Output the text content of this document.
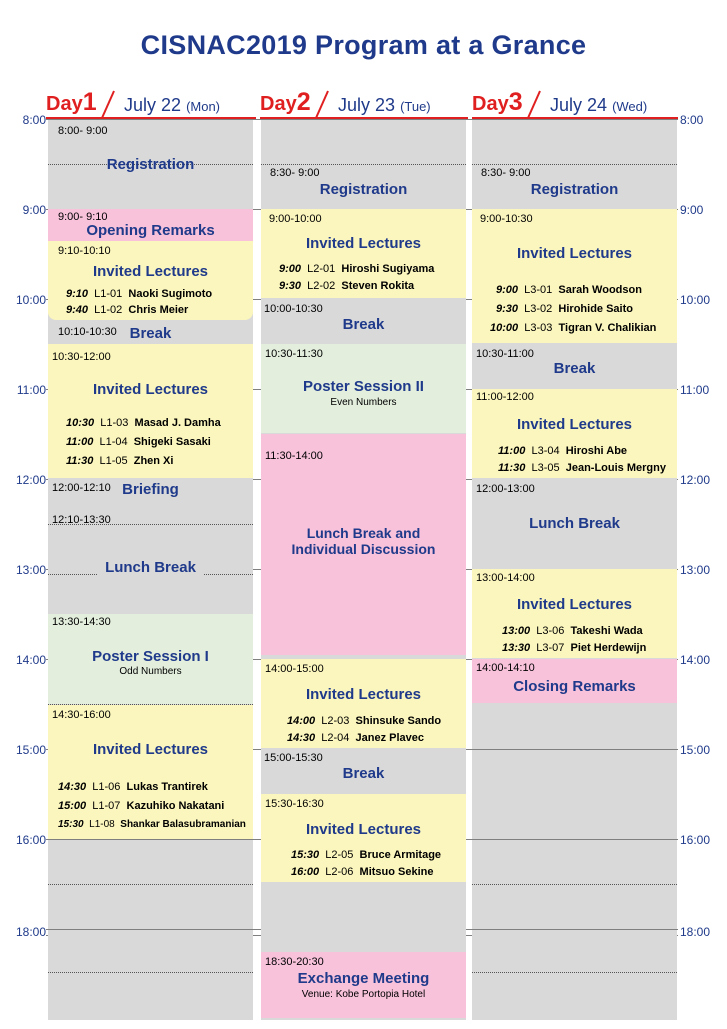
CISNAC2019 Program at a Grance
Day1 July 22 (Mon) Day2 July 23 (Tue) Day3 July 24 (Wed)
8:00
9:00
10:00
11:00
12:00
13:00
14:00
15:00
16:00
18:00
8:00
9:00
10:00
11:00
12:00
13:00
14:00
15:00
16:00
18:00
8:00- 9:00
Registration
9:00- 9:10
Opening Remarks
9:10-10:10
Invited Lectures
9:10 L1-01 Naoki Sugimoto
9:40 L1-02 Chris Meier
10:10-10:30 Break
10:30-12:00
Invited Lectures
10:30 L1-03 Masad J. Damha
11:00 L1-04 Shigeki Sasaki
11:30 L1-05 Zhen Xi
12:00-12:10 Briefing
12:10-13:30
Lunch Break
13:30-14:30
Poster Session I
Odd Numbers
14:30-16:00
Invited Lectures
14:30 L1-06 Lukas Trantirek
15:00 L1-07 Kazuhiko Nakatani
15:30 L1-08 Shankar Balasubramanian
8:30- 9:00
Registration
9:00-10:00
Invited Lectures
9:00 L2-01 Hiroshi Sugiyama
9:30 L2-02 Steven Rokita
10:00-10:30
Break
10:30-11:30
Poster Session II
Even Numbers
11:30-14:00
Lunch Break and
Individual Discussion
14:00-15:00
Invited Lectures
14:00 L2-03 Shinsuke Sando
14:30 L2-04 Janez Plavec
15:00-15:30
Break
15:30-16:30
Invited Lectures
15:30 L2-05 Bruce Armitage
16:00 L2-06 Mitsuo Sekine
18:30-20:30
Exchange Meeting
Venue: Kobe Portopia Hotel
8:30- 9:00
Registration
9:00-10:30
Invited Lectures
9:00 L3-01 Sarah Woodson
9:30 L3-02 Hirohide Saito
10:00 L3-03 Tigran V. Chalikian
10:30-11:00
Break
11:00-12:00
Invited Lectures
11:00 L3-04 Hiroshi Abe
11:30 L3-05 Jean-Louis Mergny
12:00-13:00
Lunch Break
13:00-14:00
Invited Lectures
13:00 L3-06 Takeshi Wada
13:30 L3-07 Piet Herdewijn
14:00-14:10
Closing Remarks
